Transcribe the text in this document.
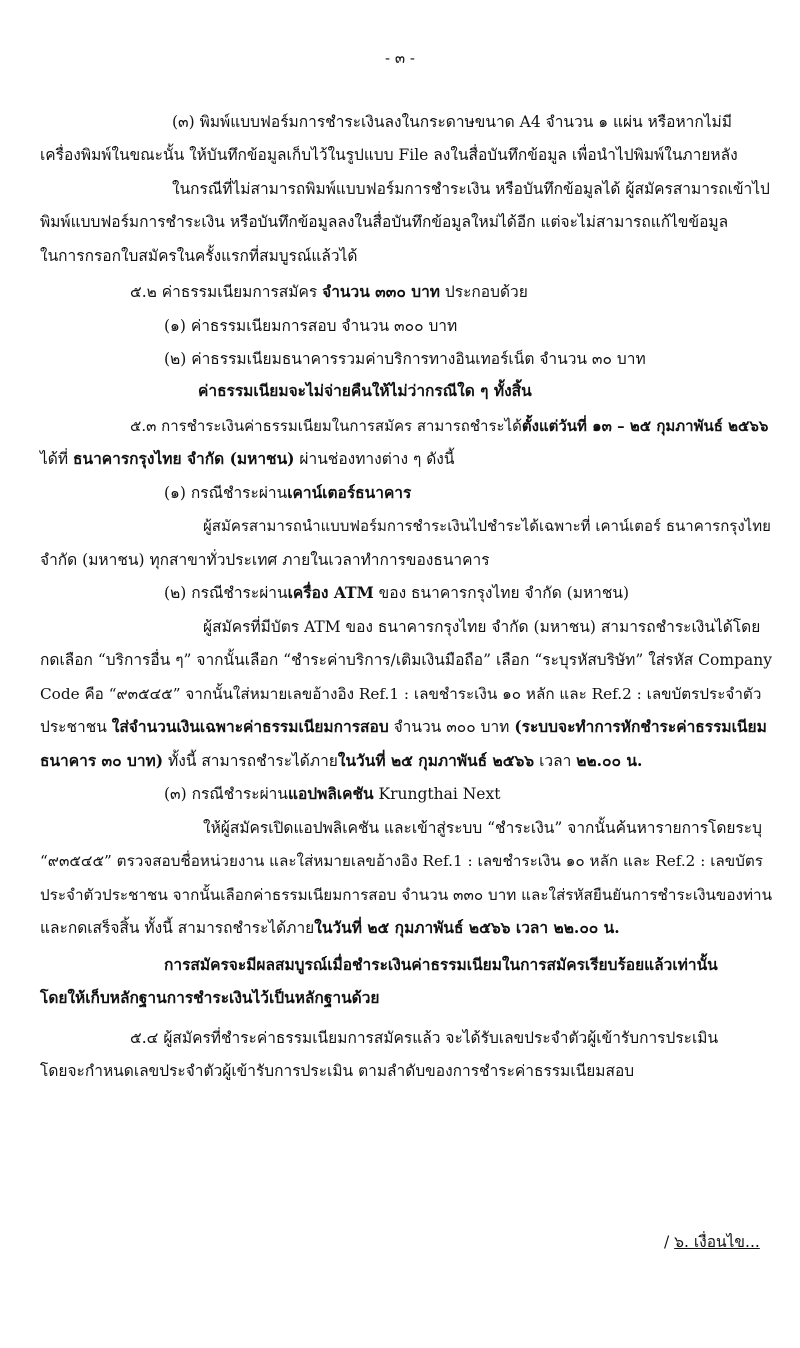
- ๓ -
(๓) พิมพ์แบบฟอร์มการชำระเงินลงในกระดาษขนาด A4 จำนวน ๑ แผ่น หรือหากไม่มี
เครื่องพิมพ์ในขณะนั้น ให้บันทึกข้อมูลเก็บไว้ในรูปแบบ File ลงในสื่อบันทึกข้อมูล เพื่อนำไปพิมพ์ในภายหลัง
ในกรณีที่ไม่สามารถพิมพ์แบบฟอร์มการชำระเงิน หรือบันทึกข้อมูลได้ ผู้สมัครสามารถเข้าไป
พิมพ์แบบฟอร์มการชำระเงิน หรือบันทึกข้อมูลลงในสื่อบันทึกข้อมูลใหม่ได้อีก แต่จะไม่สามารถแก้ไขข้อมูล
ในการกรอกใบสมัครในครั้งแรกที่สมบูรณ์แล้วได้
๕.๒ ค่าธรรมเนียมการสมัคร จำนวน ๓๓๐ บาท ประกอบด้วย
(๑) ค่าธรรมเนียมการสอบ จำนวน ๓๐๐ บาท
(๒) ค่าธรรมเนียมธนาคารรวมค่าบริการทางอินเทอร์เน็ต จำนวน ๓๐ บาท
ค่าธรรมเนียมจะไม่จ่ายคืนให้ไม่ว่ากรณีใด ๆ ทั้งสิ้น
๕.๓ การชำระเงินค่าธรรมเนียมในการสมัคร สามารถชำระได้ตั้งแต่วันที่ ๑๓ – ๒๕ กุมภาพันธ์ ๒๕๖๖
ได้ที่ ธนาคารกรุงไทย จำกัด (มหาชน) ผ่านช่องทางต่าง ๆ ดังนี้
(๑) กรณีชำระผ่านเคาน์เตอร์ธนาคาร
ผู้สมัครสามารถนำแบบฟอร์มการชำระเงินไปชำระได้เฉพาะที่ เคาน์เตอร์ ธนาคารกรุงไทย
จำกัด (มหาชน) ทุกสาขาทั่วประเทศ ภายในเวลาทำการของธนาคาร
(๒) กรณีชำระผ่านเครื่อง ATM ของ ธนาคารกรุงไทย จำกัด (มหาชน)
ผู้สมัครที่มีบัตร ATM ของ ธนาคารกรุงไทย จำกัด (มหาชน) สามารถชำระเงินได้โดย
กดเลือก “บริการอื่น ๆ” จากนั้นเลือก “ชำระค่าบริการ/เติมเงินมือถือ” เลือก “ระบุรหัสบริษัท” ใส่รหัส Company
Code คือ “๙๓๕๔๕” จากนั้นใส่หมายเลขอ้างอิง Ref.1 : เลขชำระเงิน ๑๐ หลัก และ Ref.2 : เลขบัตรประจำตัว
ประชาชน ใส่จำนวนเงินเฉพาะค่าธรรมเนียมการสอบ จำนวน ๓๐๐ บาท (ระบบจะทำการหักชำระค่าธรรมเนียม
ธนาคาร ๓๐ บาท) ทั้งนี้ สามารถชำระได้ภายในวันที่ ๒๕ กุมภาพันธ์ ๒๕๖๖ เวลา ๒๒.๐๐ น.
(๓) กรณีชำระผ่านแอปพลิเคชัน Krungthai Next
ให้ผู้สมัครเปิดแอปพลิเคชัน และเข้าสู่ระบบ “ชำระเงิน” จากนั้นค้นหารายการโดยระบุ
“๙๓๕๔๕” ตรวจสอบชื่อหน่วยงาน และใส่หมายเลขอ้างอิง Ref.1 : เลขชำระเงิน ๑๐ หลัก และ Ref.2 : เลขบัตร
ประจำตัวประชาชน จากนั้นเลือกค่าธรรมเนียมการสอบ จำนวน ๓๓๐ บาท และใส่รหัสยืนยันการชำระเงินของท่าน
และกดเสร็จสิ้น ทั้งนี้ สามารถชำระได้ภายในวันที่ ๒๕ กุมภาพันธ์ ๒๕๖๖ เวลา ๒๒.๐๐ น.
การสมัครจะมีผลสมบูรณ์เมื่อชำระเงินค่าธรรมเนียมในการสมัครเรียบร้อยแล้วเท่านั้น
โดยให้เก็บหลักฐานการชำระเงินไว้เป็นหลักฐานด้วย
๕.๔ ผู้สมัครที่ชำระค่าธรรมเนียมการสมัครแล้ว จะได้รับเลขประจำตัวผู้เข้ารับการประเมิน
โดยจะกำหนดเลขประจำตัวผู้เข้ารับการประเมิน ตามลำดับของการชำระค่าธรรมเนียมสอบ
/ ๖. เงื่อนไข...
